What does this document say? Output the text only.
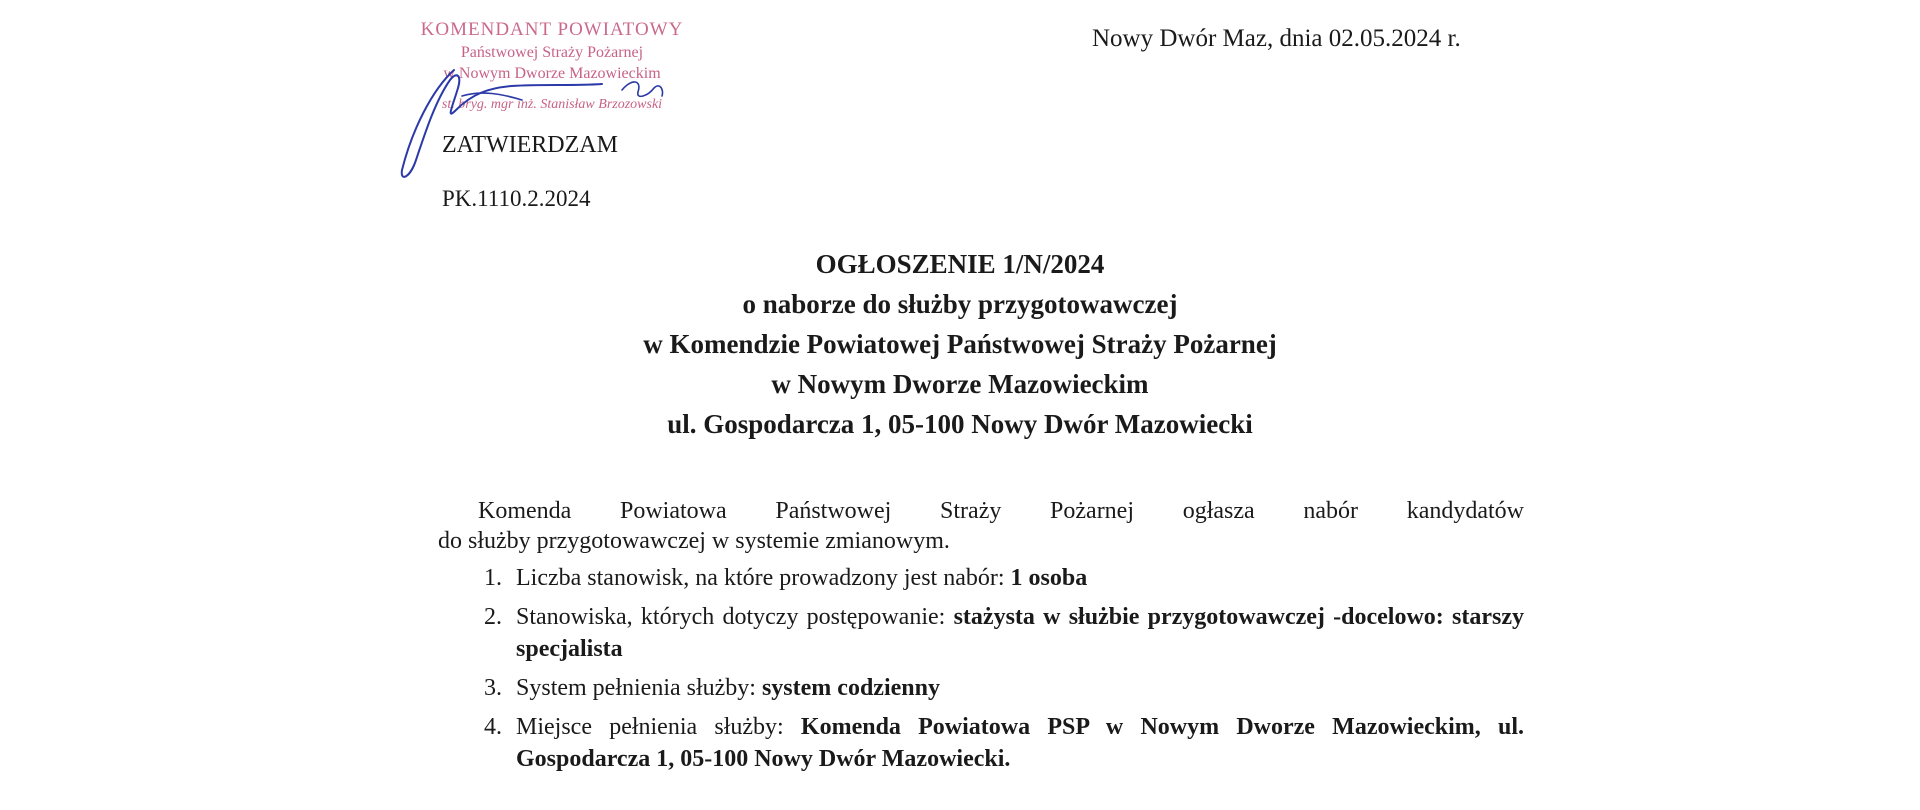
KOMENDANT POWIATOWY
Państwowej Straży Pożarnej
w Nowym Dworze Mazowieckim
st. bryg. mgr inż. Stanisław Brzozowski
ZATWIERDZAM
PK.1110.2.2024
Nowy Dwór Maz, dnia 02.05.2024 r.
OGŁOSZENIE 1/N/2024
o naborze do służby przygotowawczej
w Komendzie Powiatowej Państwowej Straży Pożarnej
w Nowym Dworze Mazowieckim
ul. Gospodarcza 1, 05-100 Nowy Dwór Mazowiecki

Komenda Powiatowa Państwowej Straży Pożarnej ogłasza nabór kandydatów

do służby przygotowawczej w systemie zmianowym.

1. Liczba stanowisk, na które prowadzony jest nabór: 1 osoba
2. Stanowiska, których dotyczy postępowanie: stażysta w służbie przygotowawczej -docelowo: starszy specjalista
3. System pełnienia służby: system codzienny
4. Miejsce pełnienia służby: Komenda Powiatowa PSP w Nowym Dworze Mazowieckim, ul. Gospodarcza 1, 05-100 Nowy Dwór Mazowiecki.
